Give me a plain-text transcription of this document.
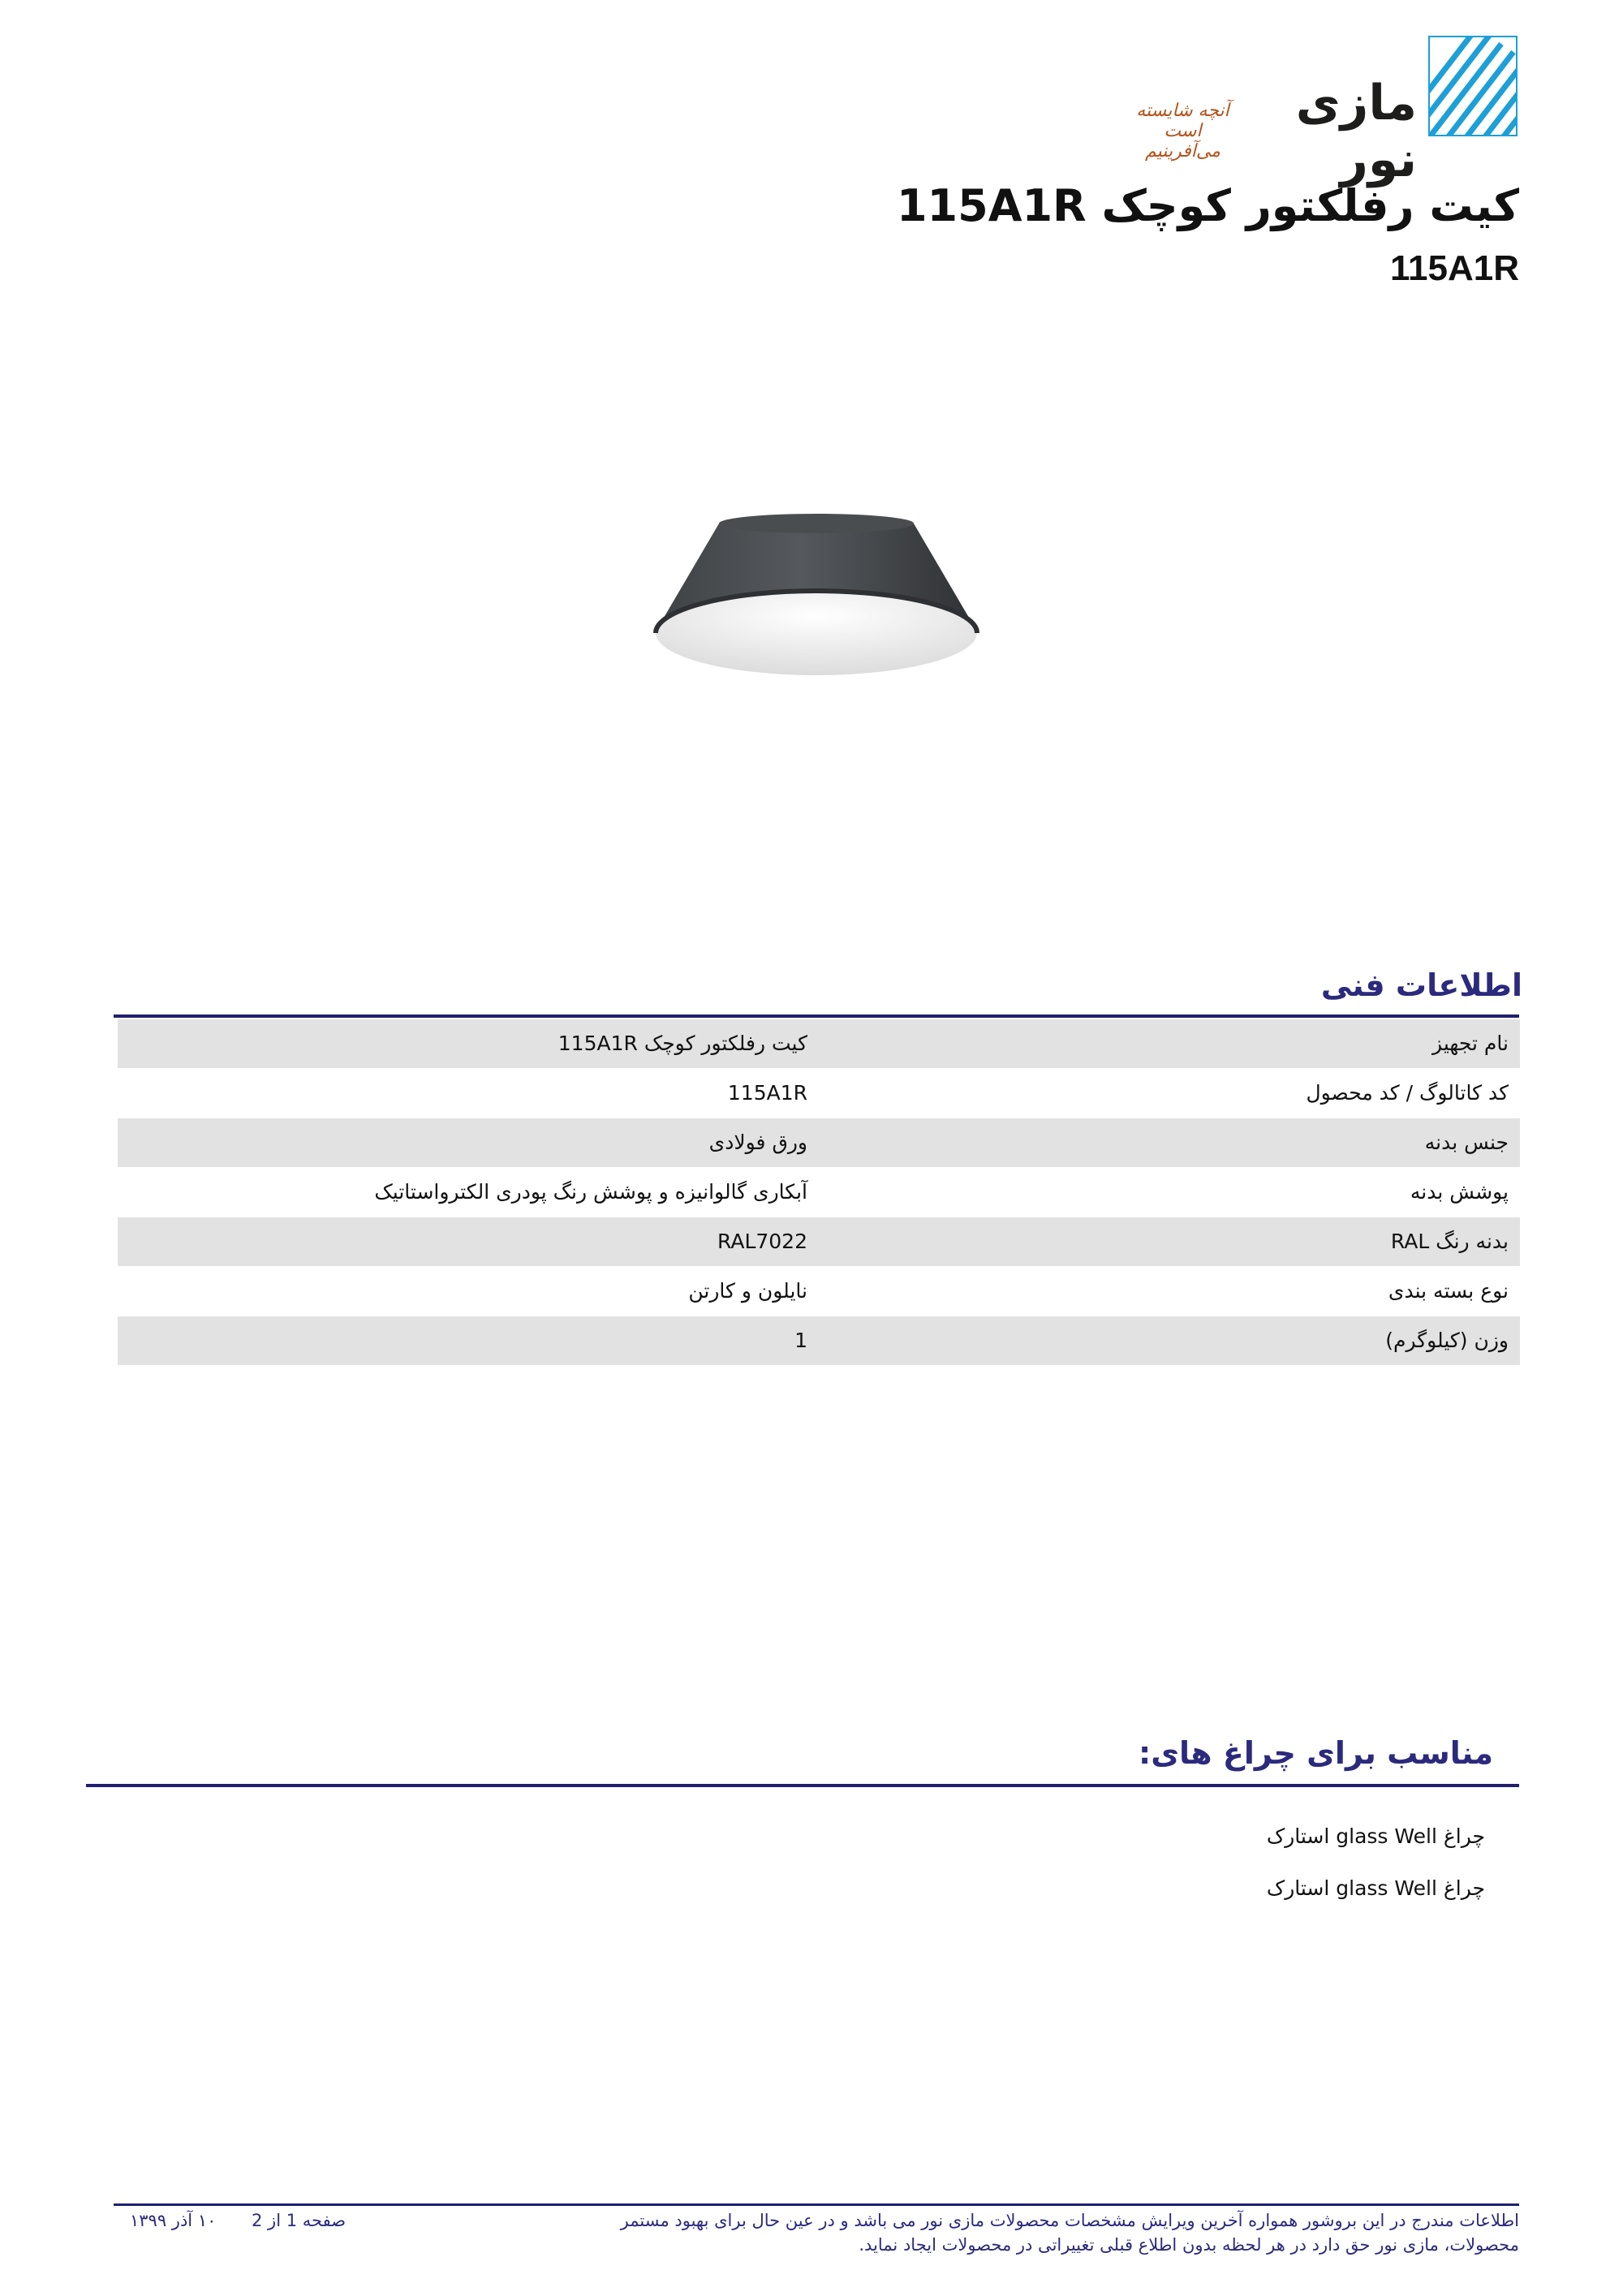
مازی نور
آنچه شایسته است می‌آفرینیم
کیت رفلکتور کوچک 115A1R
115A1R
اطلاعات فنی
نام تجهیز
کیت رفلکتور کوچک 115A1R
کد کاتالوگ / کد محصول
115A1R
جنس بدنه
ورق فولادی
پوشش بدنه
آبکاری گالوانیزه و پوشش رنگ پودری الکترواستاتیک
بدنه رنگ RAL
RAL7022
نوع بسته بندی
نایلون و کارتن
وزن (کیلوگرم)
1
مناسب برای چراغ های:
چراغ glass Well استارک
چراغ glass Well استارک
اطلاعات مندرج در این بروشور همواره آخرین ویرایش مشخصات محصولات مازی نور می باشد و در عین حال برای بهبود مستمر
محصولات، مازی نور حق دارد در هر لحظه بدون اطلاع قبلی تغییراتی در محصولات ایجاد نماید.
صفحه 1 از 2
۱۰ آذر ۱۳۹۹
